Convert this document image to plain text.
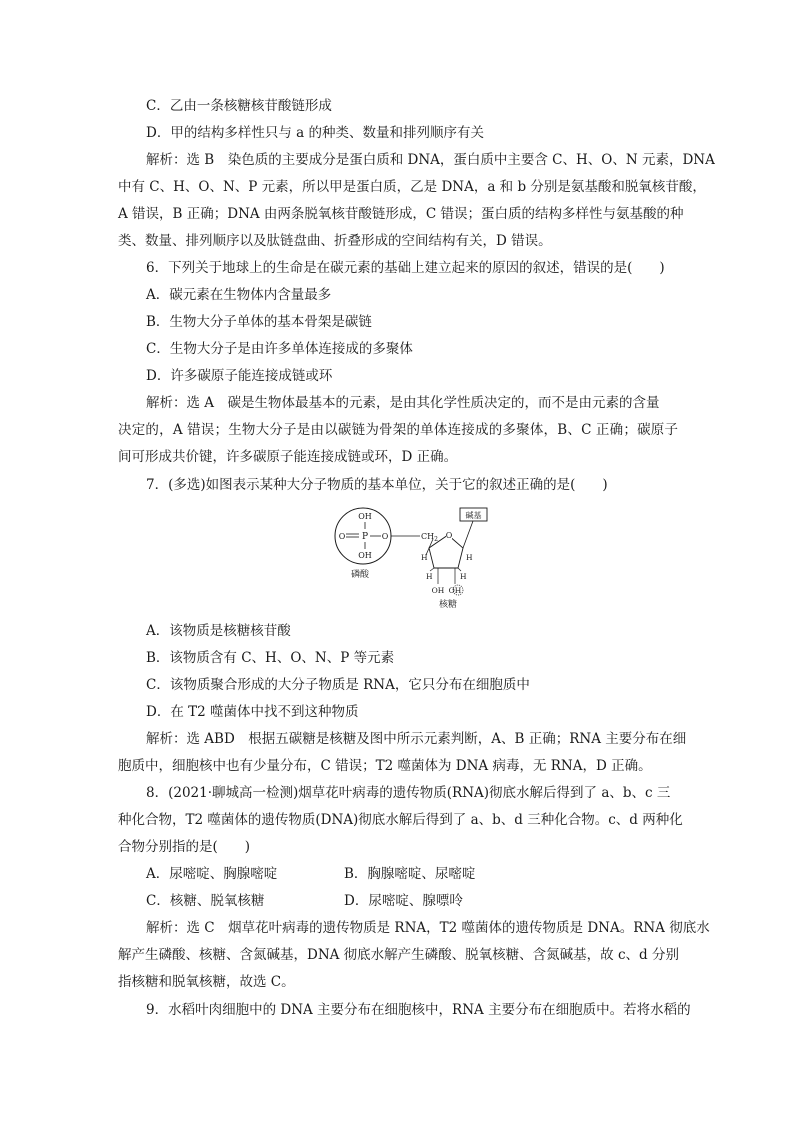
C．乙由一条核糖核苷酸链形成
D．甲的结构多样性只与 a 的种类、数量和排列顺序有关
解析：选 B　染色质的主要成分是蛋白质和 DNA，蛋白质中主要含 C、H、O、N 元素，DNA
中有 C、H、O、N、P 元素，所以甲是蛋白质，乙是 DNA，a 和 b 分别是氨基酸和脱氧核苷酸，
A 错误，B 正确；DNA 由两条脱氧核苷酸链形成，C 错误；蛋白质的结构多样性与氨基酸的种
类、数量、排列顺序以及肽链盘曲、折叠形成的空间结构有关，D 错误。
6．下列关于地球上的生命是在碳元素的基础上建立起来的原因的叙述，错误的是(　　)
A．碳元素在生物体内含量最多
B．生物大分子单体的基本骨架是碳链
C．生物大分子是由许多单体连接成的多聚体
D．许多碳原子能连接成链或环
解析：选 A　碳是生物体最基本的元素，是由其化学性质决定的，而不是由元素的含量
决定的，A 错误；生物大分子是由以碳链为骨架的单体连接成的多聚体，B、C 正确；碳原子
间可形成共价键，许多碳原子能连接成链或环，D 正确。
7．(多选)如图表示某种大分子物质的基本单位，关于它的叙述正确的是(　　)
OH
P
O	O
OH
磷酸
$CH_2$ O
碱基
H	H
H	H
OH OH
核糖
A．该物质是核糖核苷酸
B．该物质含有 C、H、O、N、P 等元素
C．该物质聚合形成的大分子物质是 RNA，它只分布在细胞质中
D．在 T2 噬菌体中找不到这种物质
解析：选 ABD　根据五碳糖是核糖及图中所示元素判断，A、B 正确；RNA 主要分布在细
胞质中，细胞核中也有少量分布，C 错误；T2 噬菌体为 DNA 病毒，无 RNA，D 正确。
8．(2021·聊城高一检测)烟草花叶病毒的遗传物质(RNA)彻底水解后得到了 a、b、c 三
种化合物，T2 噬菌体的遗传物质(DNA)彻底水解后得到了 a、b、d 三种化合物。c、d 两种化
合物分别指的是(　　)
A．尿嘧啶、胸腺嘧啶	B．胸腺嘧啶、尿嘧啶
C．核糖、脱氧核糖	D．尿嘧啶、腺嘌呤
解析：选 C　烟草花叶病毒的遗传物质是 RNA，T2 噬菌体的遗传物质是 DNA。RNA 彻底水
解产生磷酸、核糖、含氮碱基，DNA 彻底水解产生磷酸、脱氧核糖、含氮碱基，故 c、d 分别
指核糖和脱氧核糖，故选 C。
9．水稻叶肉细胞中的 DNA 主要分布在细胞核中，RNA 主要分布在细胞质中。若将水稻的
